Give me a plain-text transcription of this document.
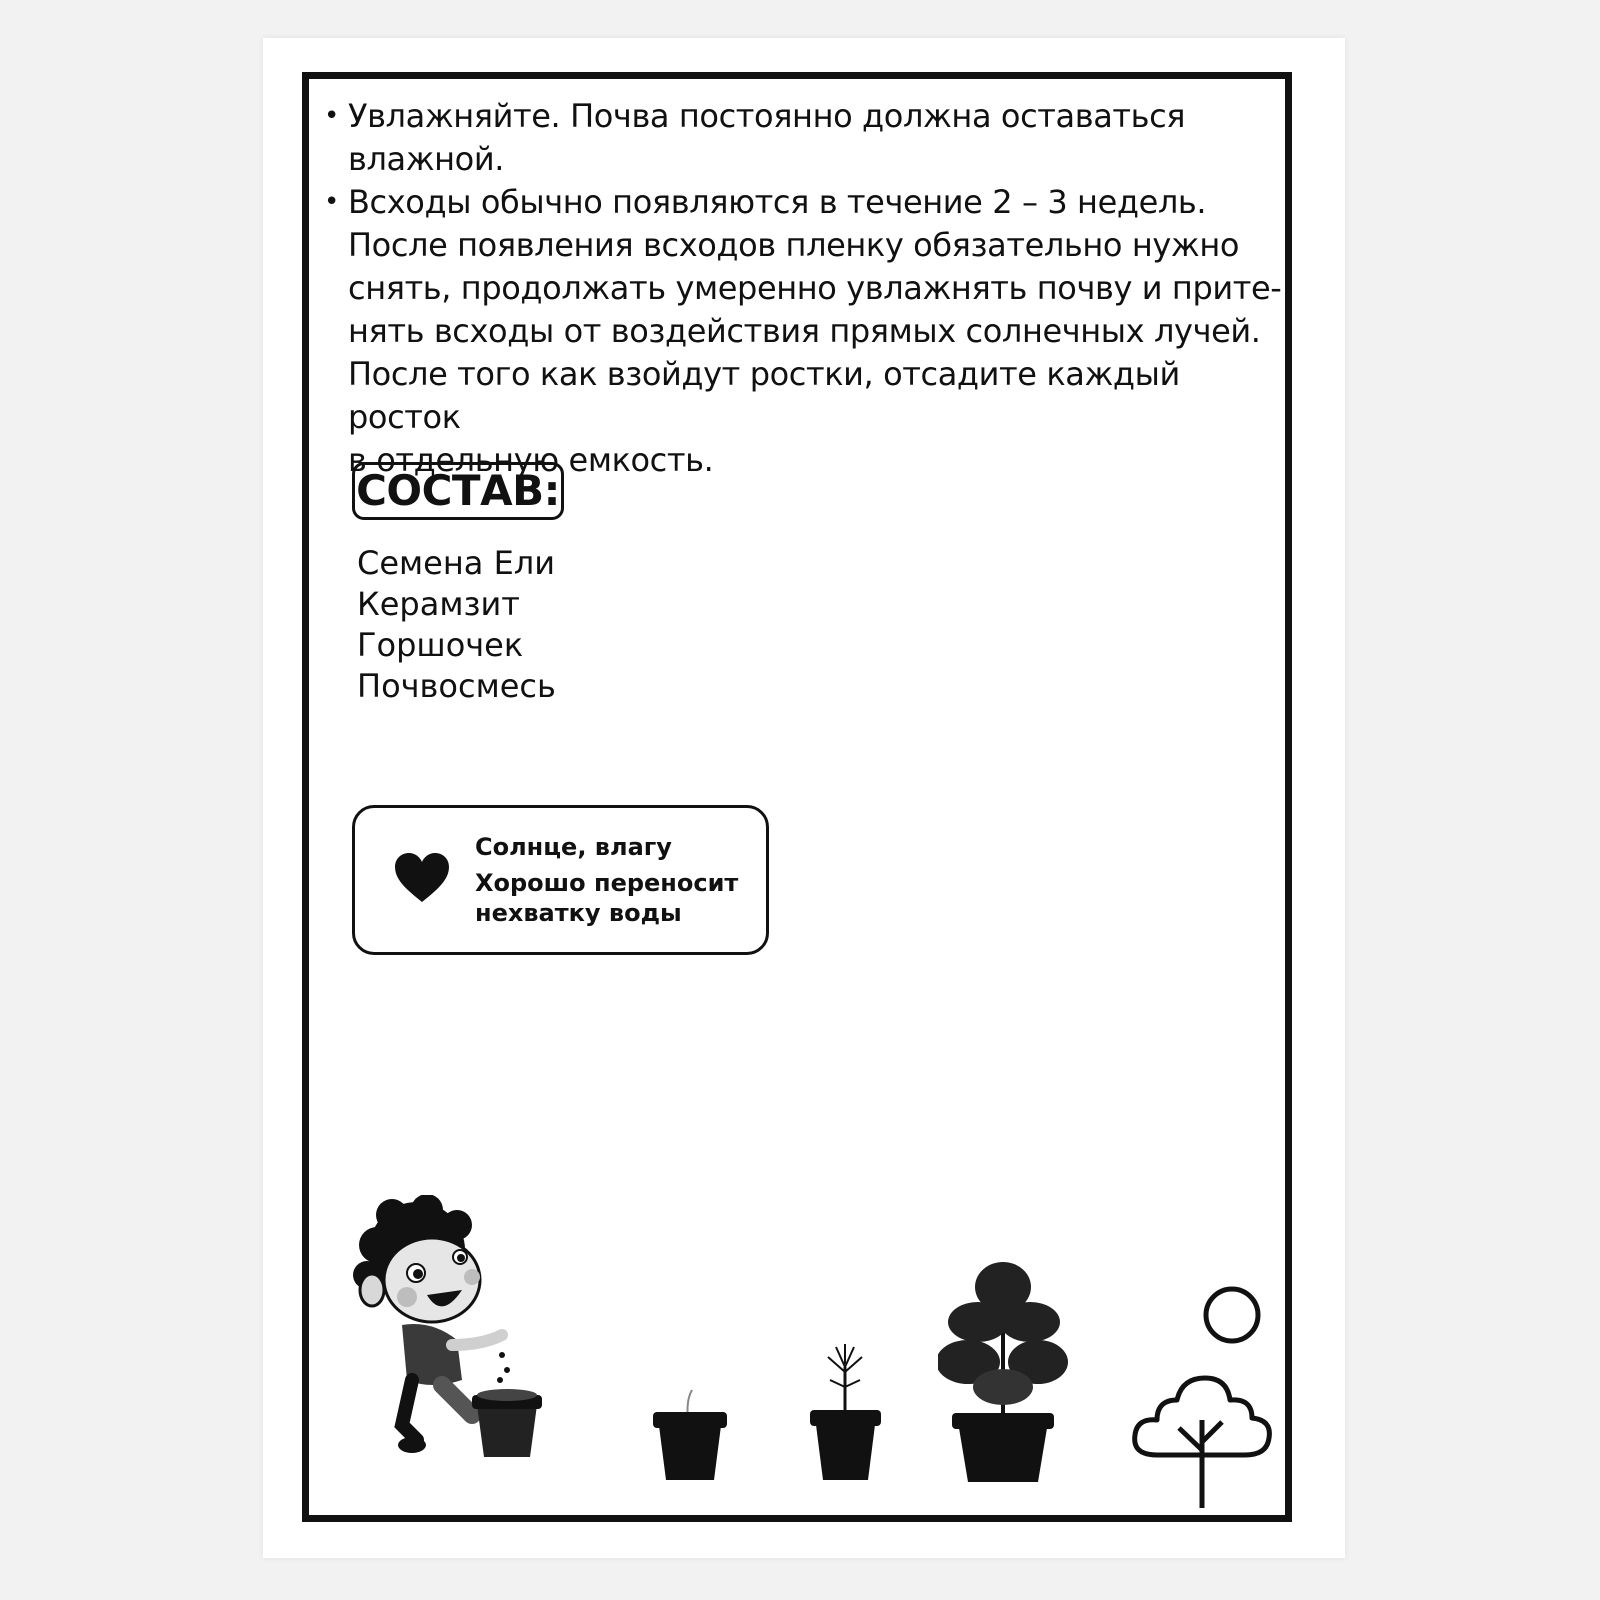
• Увлажняйте. Почва постоянно должна оставаться
влажной.
• Всходы обычно появляются в течение 2 – 3 недель.
После появления всходов пленку обязательно нужно
снять, продолжать умеренно увлажнять почву и прите-
нять всходы от воздействия прямых солнечных лучей.
После того как взойдут ростки, отсадите каждый росток
в отдельную емкость.
СОСТАВ:
Семена Ели
Керамзит
Горшочек
Почвосмесь
Солнце, влагу
Хорошо переносит
нехватку воды
